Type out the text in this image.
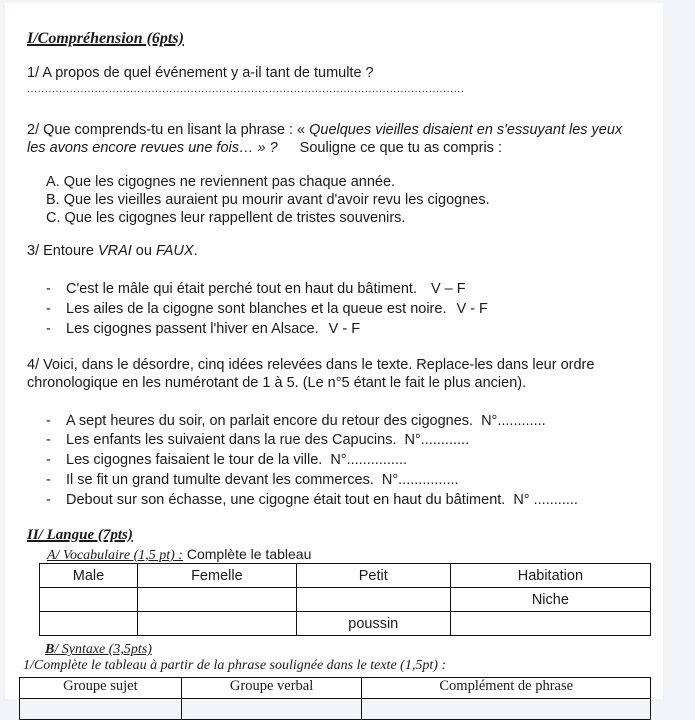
I/Compréhension (6pts)
1/ A propos de quel événement y a-il tant de tumulte ?
...........................................................................................................................
2/ Que comprends-tu en lisant la phrase : « Quelques vieilles disaient en s'essuyant les yeux
les avons encore revues une fois… » ? Souligne ce que tu as compris :
A. Que les cigognes ne reviennent pas chaque année.
B. Que les vieilles auraient pu mourir avant d'avoir revu les cigognes.
C. Que les cigognes leur rappellent de tristes souvenirs.
3/ Entoure VRAI ou FAUX.
- C'est le mâle qui était perché tout en haut du bâtiment. V – F
- Les ailes de la cigogne sont blanches et la queue est noire. V - F
- Les cigognes passent l'hiver en Alsace. V - F
4/ Voici, dans le désordre, cinq idées relevées dans le texte. Replace-les dans leur ordre
chronologique en les numérotant de 1 à 5. (Le n°5 étant le fait le plus ancien).
- A sept heures du soir, on parlait encore du retour des cigognes. N°............
- Les enfants les suivaient dans la rue des Capucins. N°............
- Les cigognes faisaient le tour de la ville. N°...............
- Il se fit un grand tumulte devant les commerces. N°...............
- Debout sur son échasse, une cigogne était tout en haut du bâtiment. N° ...........
II/ Langue (7pts)
A/ Vocabulaire (1,5 pt) : Complète le tableau
Male	Femelle	Petit	Habitation
			Niche
		poussin	
B/ Syntaxe (3,5pts)
1/Complète le tableau à partir de la phrase soulignée dans le texte (1,5pt) :
Groupe sujet	Groupe verbal	Complément de phrase
